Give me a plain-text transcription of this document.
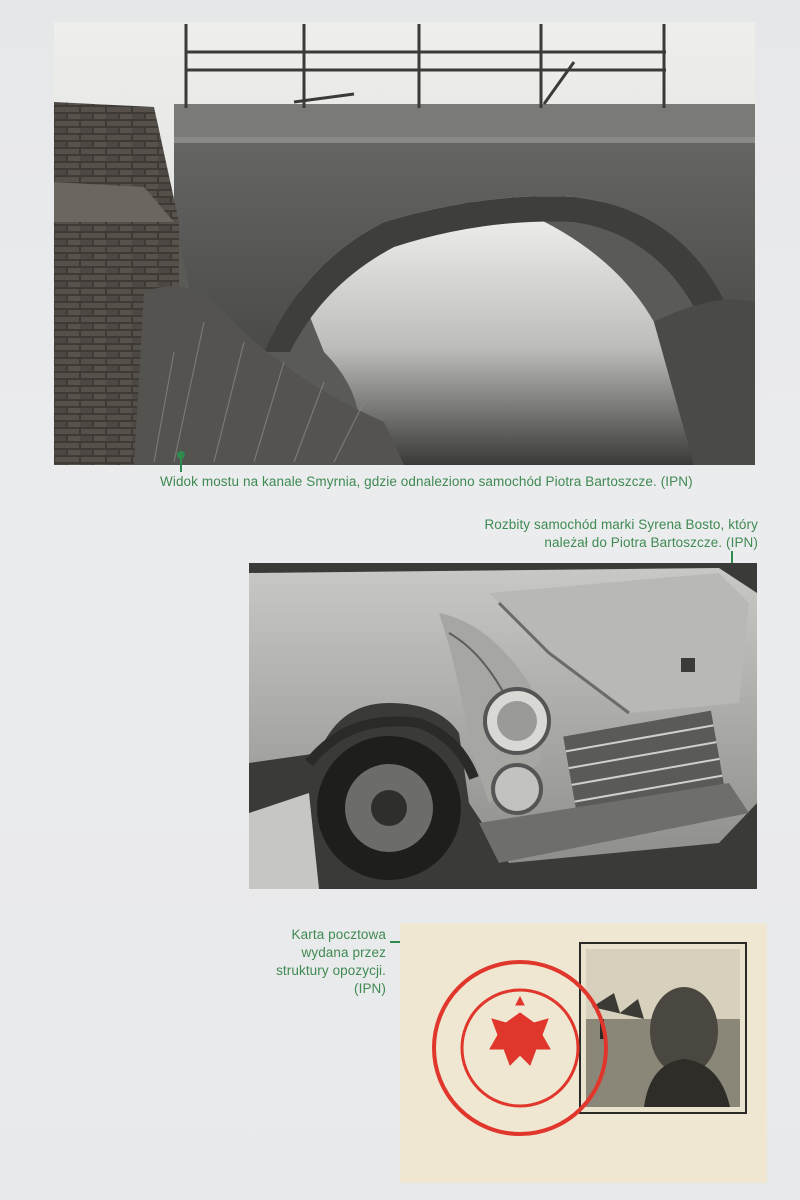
Widok mostu na kanale Smyrnia, gdzie odnaleziono samochód Piotra Bartoszcze. (IPN)
Rozbity samochód marki Syrena Bosto, który
należał do Piotra Bartoszcze. (IPN)
Karta pocztowa
wydana przez
struktury opozycji.
(IPN)
